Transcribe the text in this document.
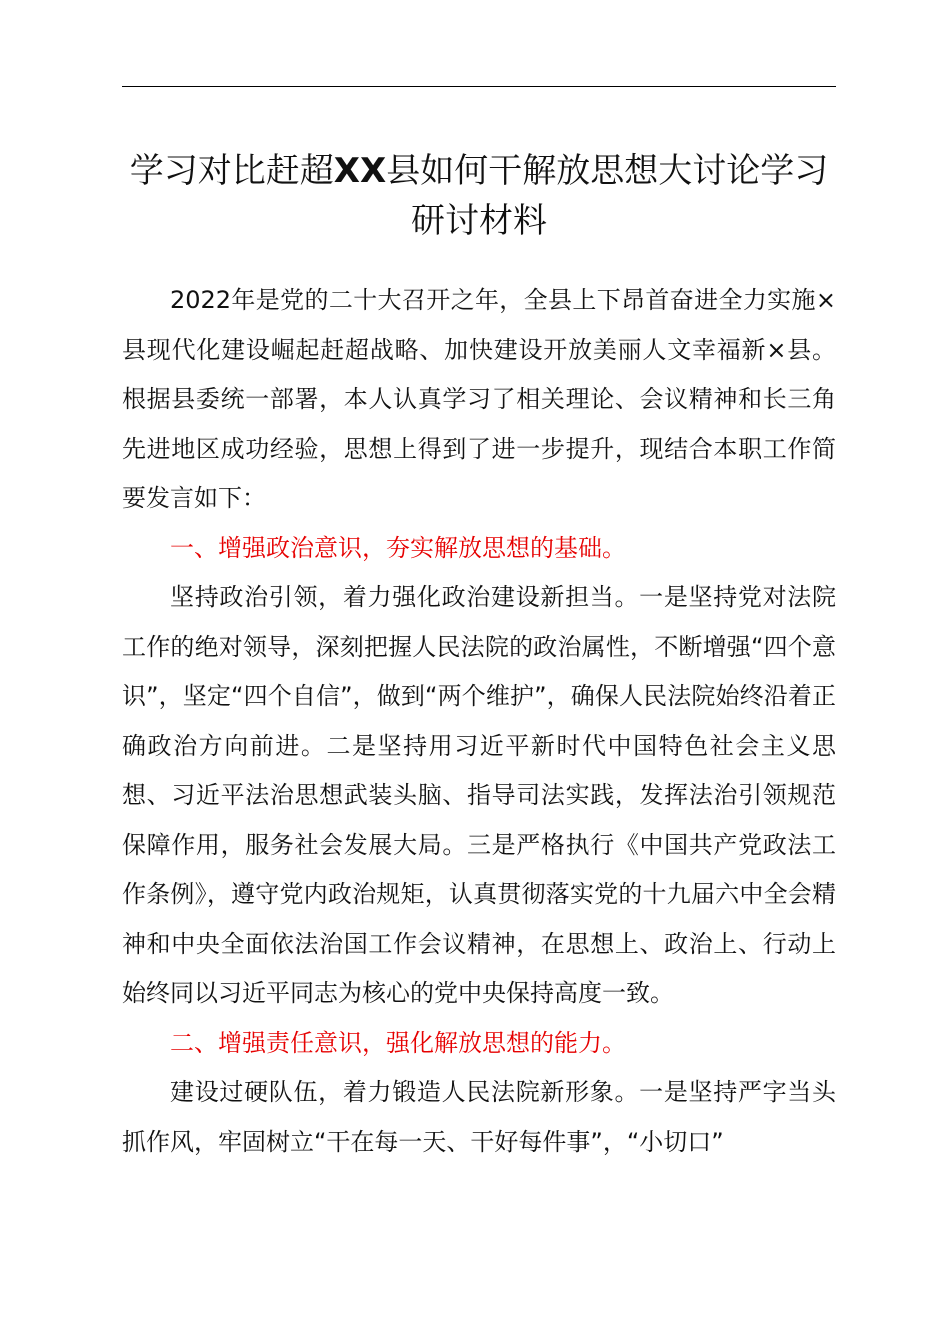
学习对比赶超XX县如何干解放思想大讨论学习研讨材料

2022年是党的二十大召开之年，全县上下昂首奋进全力实施×县现代化建设崛起赶超战略、加快建设开放美丽人文幸福新×县。根据县委统一部署，本人认真学习了相关理论、会议精神和长三角先进地区成功经验，思想上得到了进一步提升，现结合本职工作简要发言如下：

一、增强政治意识，夯实解放思想的基础。

坚持政治引领，着力强化政治建设新担当。一是坚持党对法院工作的绝对领导，深刻把握人民法院的政治属性，不断增强“四个意识”，坚定“四个自信”，做到“两个维护”，确保人民法院始终沿着正确政治方向前进。二是坚持用习近平新时代中国特色社会主义思想、习近平法治思想武装头脑、指导司法实践，发挥法治引领规范保障作用，服务社会发展大局。三是严格执行《中国共产党政法工作条例》，遵守党内政治规矩，认真贯彻落实党的十九届六中全会精神和中央全面依法治国工作会议精神，在思想上、政治上、行动上始终同以习近平同志为核心的党中央保持高度一致。

二、增强责任意识，强化解放思想的能力。

建设过硬队伍，着力锻造人民法院新形象。一是坚持严字当头抓作风，牢固树立“干在每一天、干好每件事”，“小切口”
